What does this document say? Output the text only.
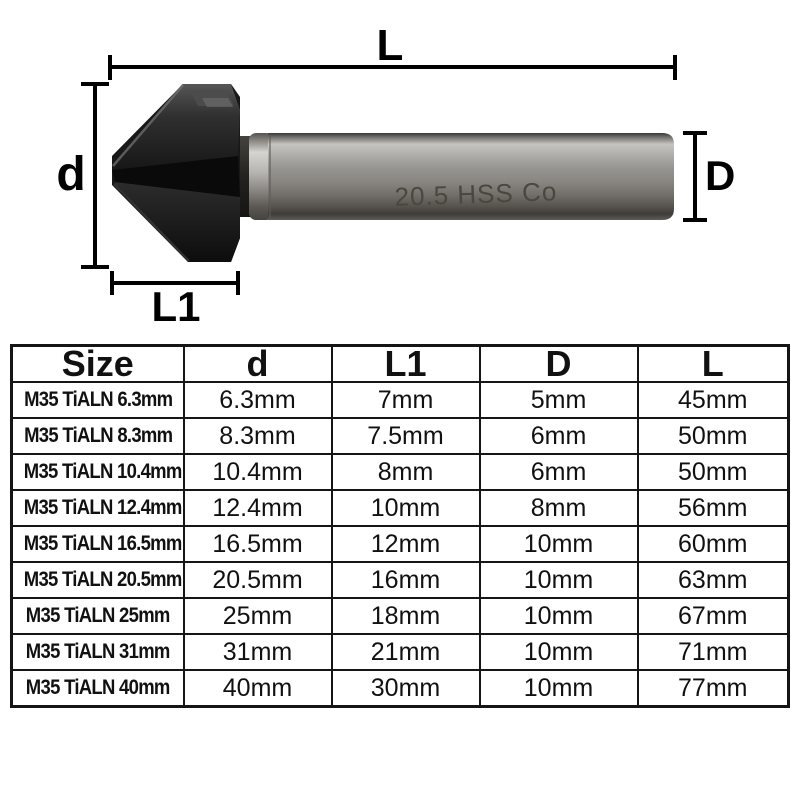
L
d
L1
D
20.5 HSS Co
Size	d	L1	D	L
M35 TiALN 6.3mm	6.3mm	7mm	5mm	45mm
M35 TiALN 8.3mm	8.3mm	7.5mm	6mm	50mm
M35 TiALN 10.4mm	10.4mm	8mm	6mm	50mm
M35 TiALN 12.4mm	12.4mm	10mm	8mm	56mm
M35 TiALN 16.5mm	16.5mm	12mm	10mm	60mm
M35 TiALN 20.5mm	20.5mm	16mm	10mm	63mm
M35 TiALN 25mm	25mm	18mm	10mm	67mm
M35 TiALN 31mm	31mm	21mm	10mm	71mm
M35 TiALN 40mm	40mm	30mm	10mm	77mm
